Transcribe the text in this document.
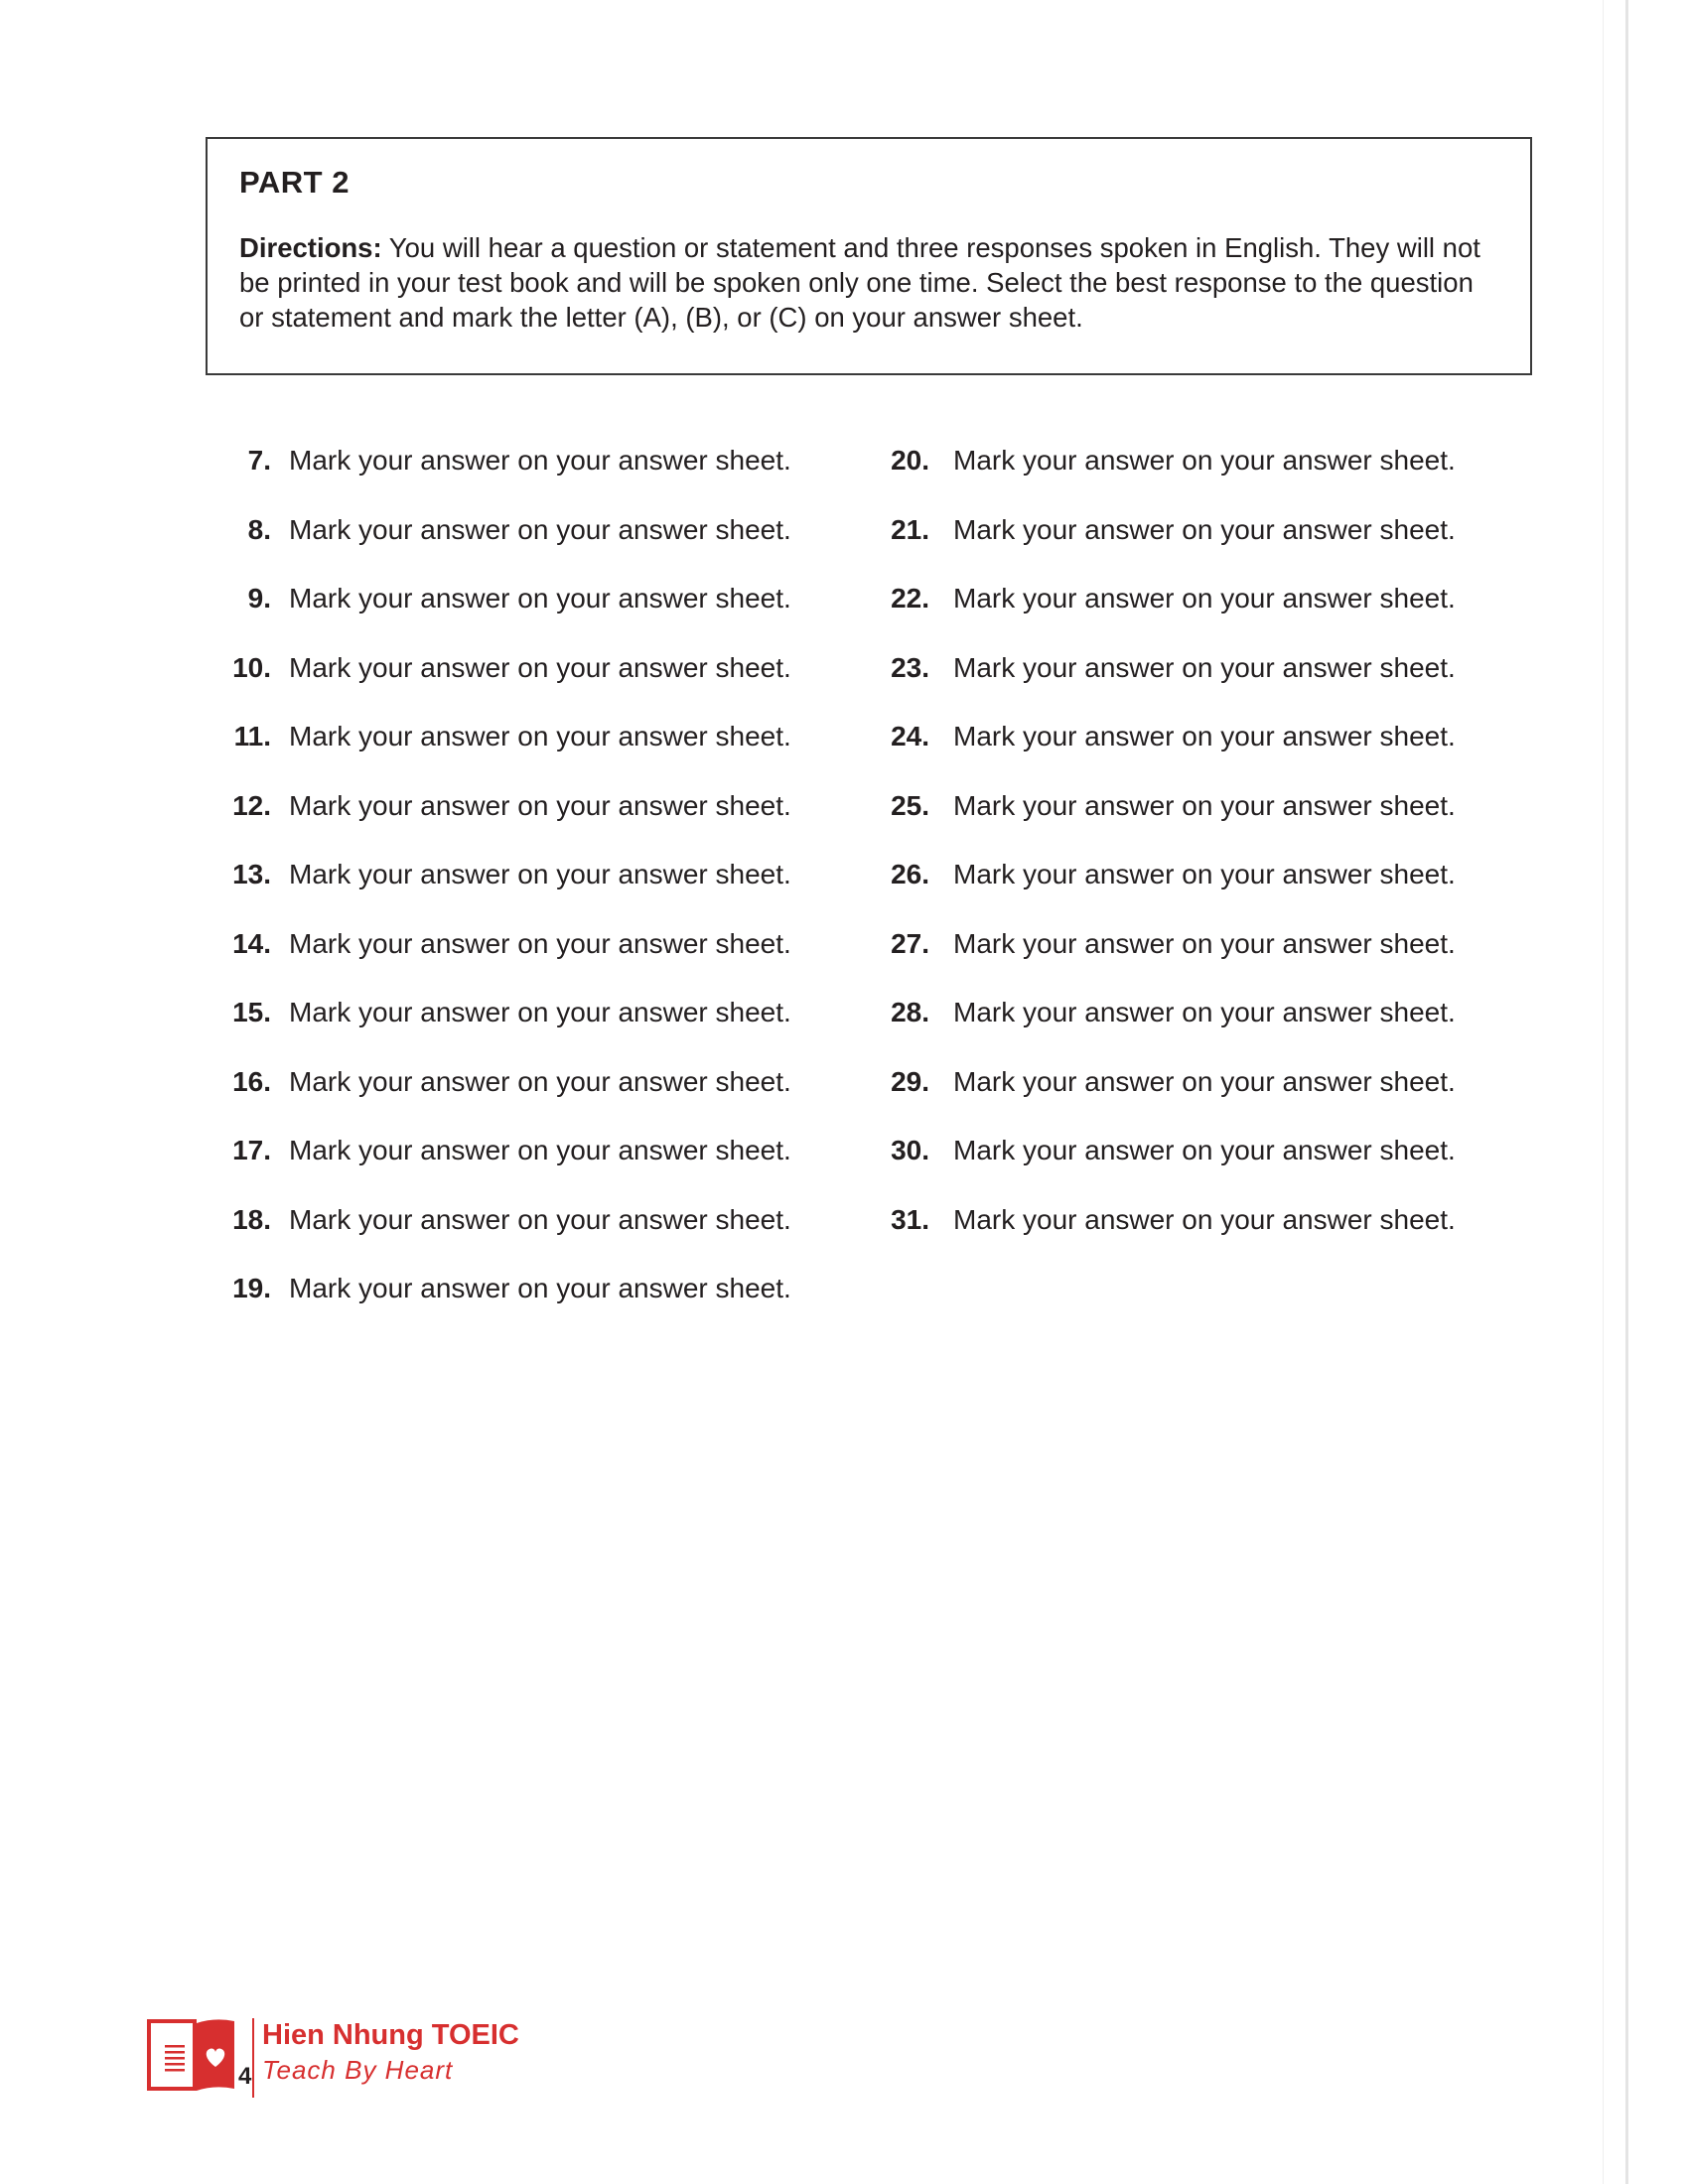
PART 2

Directions: You will hear a question or statement and three responses spoken in English. They will not be printed in your test book and will be spoken only one time. Select the best response to the question or statement and mark the letter (A), (B), or (C) on your answer sheet.

7. Mark your answer on your answer sheet.
8. Mark your answer on your answer sheet.
9. Mark your answer on your answer sheet.
10. Mark your answer on your answer sheet.
11. Mark your answer on your answer sheet.
12. Mark your answer on your answer sheet.
13. Mark your answer on your answer sheet.
14. Mark your answer on your answer sheet.
15. Mark your answer on your answer sheet.
16. Mark your answer on your answer sheet.
17. Mark your answer on your answer sheet.
18. Mark your answer on your answer sheet.
19. Mark your answer on your answer sheet.
20. Mark your answer on your answer sheet.
21. Mark your answer on your answer sheet.
22. Mark your answer on your answer sheet.
23. Mark your answer on your answer sheet.
24. Mark your answer on your answer sheet.
25. Mark your answer on your answer sheet.
26. Mark your answer on your answer sheet.
27. Mark your answer on your answer sheet.
28. Mark your answer on your answer sheet.
29. Mark your answer on your answer sheet.
30. Mark your answer on your answer sheet.
31. Mark your answer on your answer sheet.
4
Hien Nhung TOEIC
Teach By Heart
